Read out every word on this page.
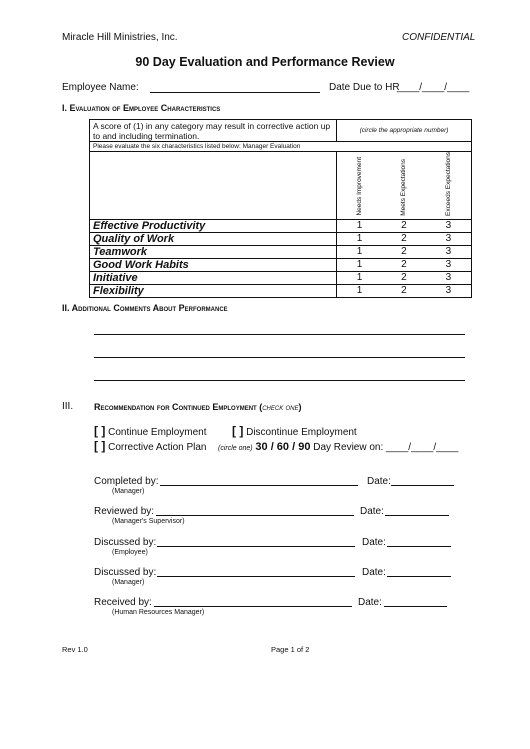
Miracle Hill Ministries, Inc.	CONFIDENTIAL
90 Day Evaluation and Performance Review
Employee Name:	Date Due to HR
____/____/____
I. Evaluation of Employee Characteristics
A score of (1) in any category may result in corrective action up to and including termination.	(circle the appropriate number)		
Please evaluate the six characteristics listed below: Manager Evaluation			
	Needs Improvement	Meets Expectations	Exceeds Expectations
Effective Productivity	1	2	3
Quality of Work	1	2	3
Teamwork	1	2	3
Good Work Habits	1	2	3
Initiative	1	2	3
Flexibility	1	2	3
II. Additional Comments About Performance
III. Recommendation for Continued Employment (check one)
[ ] Continue Employment [ ] Discontinue Employment
[ ] Corrective Action Plan (circle one) 30 / 60 / 90 Day Review on: ____/____/____
Completed by:
(Manager)
Date:
Reviewed by:
(Manager's Supervisor)
Date:
Discussed by:
(Employee)
Date:
Discussed by:
(Manager)
Date:
Received by:
(Human Resources Manager)
Date:
Rev 1.0	Page 1 of 2
